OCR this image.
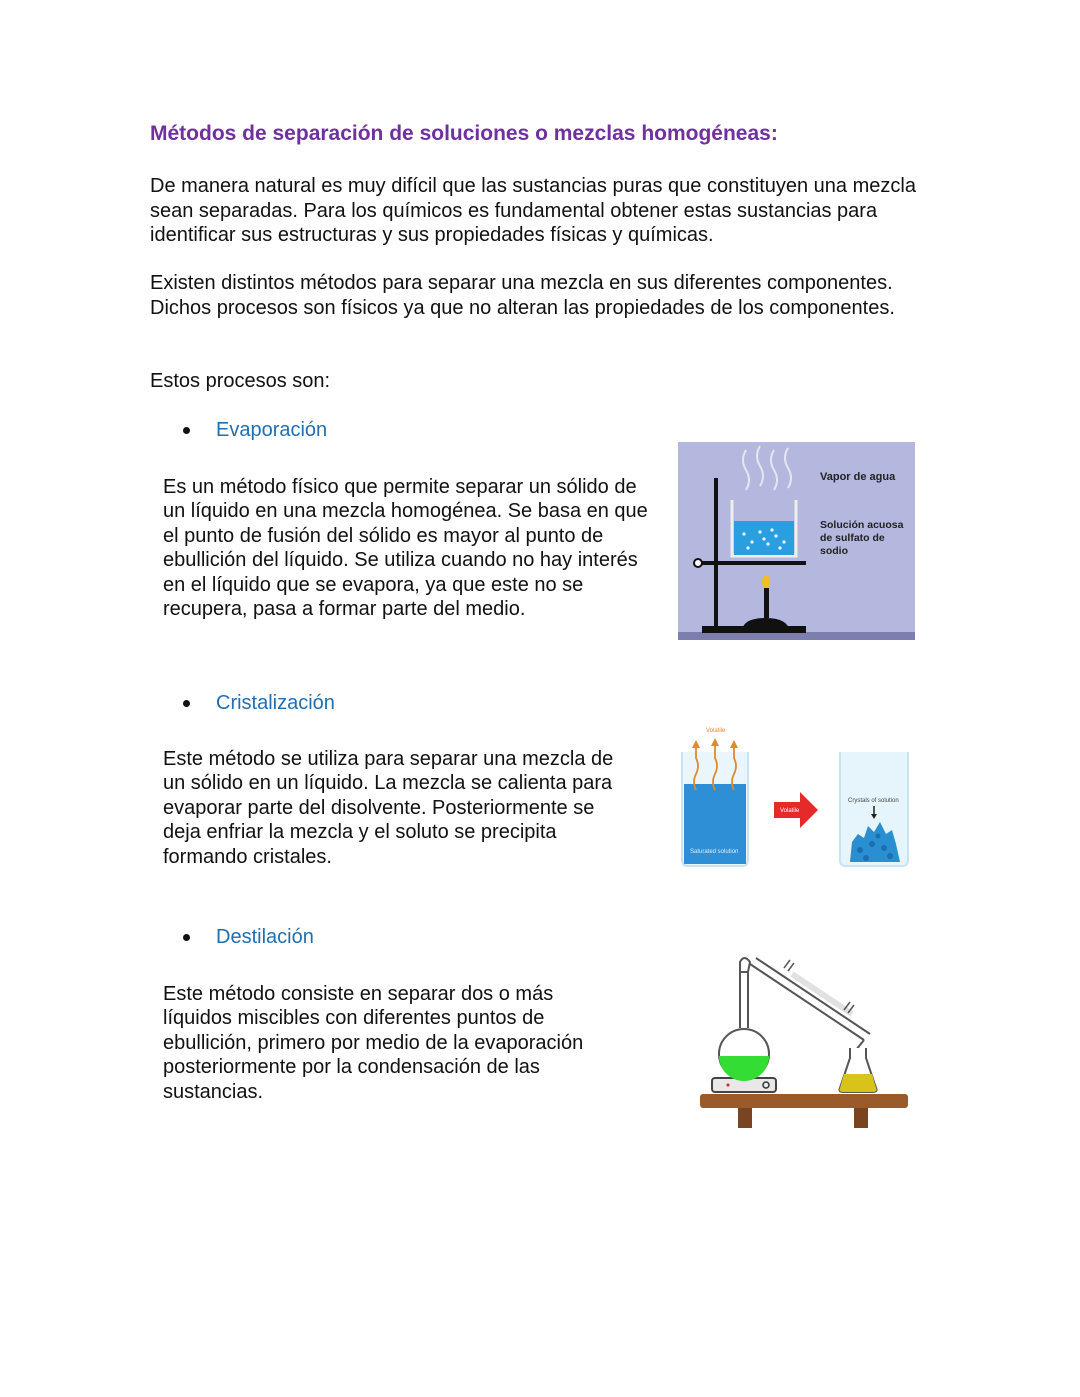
Métodos de separación de soluciones o mezclas homogéneas:

De manera natural es muy difícil que las sustancias puras que constituyen una mezcla sean separadas. Para los químicos es fundamental obtener estas sustancias para identificar sus estructuras y sus propiedades físicas y químicas.

Existen distintos métodos para separar una mezcla en sus diferentes componentes. Dichos procesos son físicos ya que no alteran las propiedades de los componentes.

Estos procesos son:

Evaporación

Es un método físico que permite separar un sólido de un líquido en una mezcla homogénea. Se basa en que el punto de fusión del sólido es mayor al punto de ebullición del líquido. Se utiliza cuando no hay interés en el líquido que se evapora, ya que este no se recupera, pasa a formar parte del medio.

Vapor de agua
Solución acuosa
de sulfato de
sodio
Cristalización

Este método se utiliza para separar una mezcla de un sólido en un líquido. La mezcla se calienta para evaporar parte del disolvente. Posteriormente se deja enfriar la mezcla y el soluto se precipita formando cristales.

Volatile
Saturated solution
Volatile
Crystals of solution
Destilación

Este método consiste en separar dos o más líquidos miscibles con diferentes puntos de ebullición, primero por medio de la evaporación posteriormente por la condensación de las sustancias.
